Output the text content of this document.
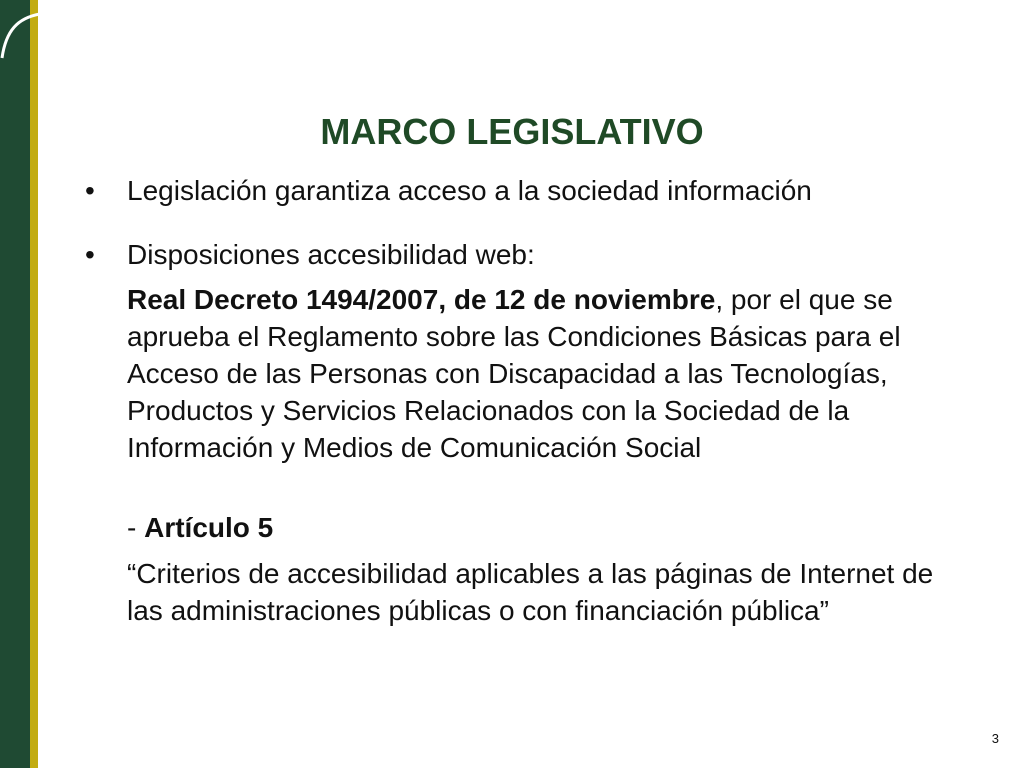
MARCO LEGISLATIVO
• Legislación garantiza acceso a la sociedad información
• Disposiciones accesibilidad web:

Real Decreto 1494/2007, de 12 de noviembre, por el que se aprueba el Reglamento sobre las Condiciones Básicas para el Acceso de las Personas con Discapacidad a las Tecnologías, Productos y Servicios Relacionados con la Sociedad de la Información y Medios de Comunicación Social

- Artículo 5

“Criterios de accesibilidad aplicables a las páginas de Internet de las administraciones públicas o con financiación pública”

3
